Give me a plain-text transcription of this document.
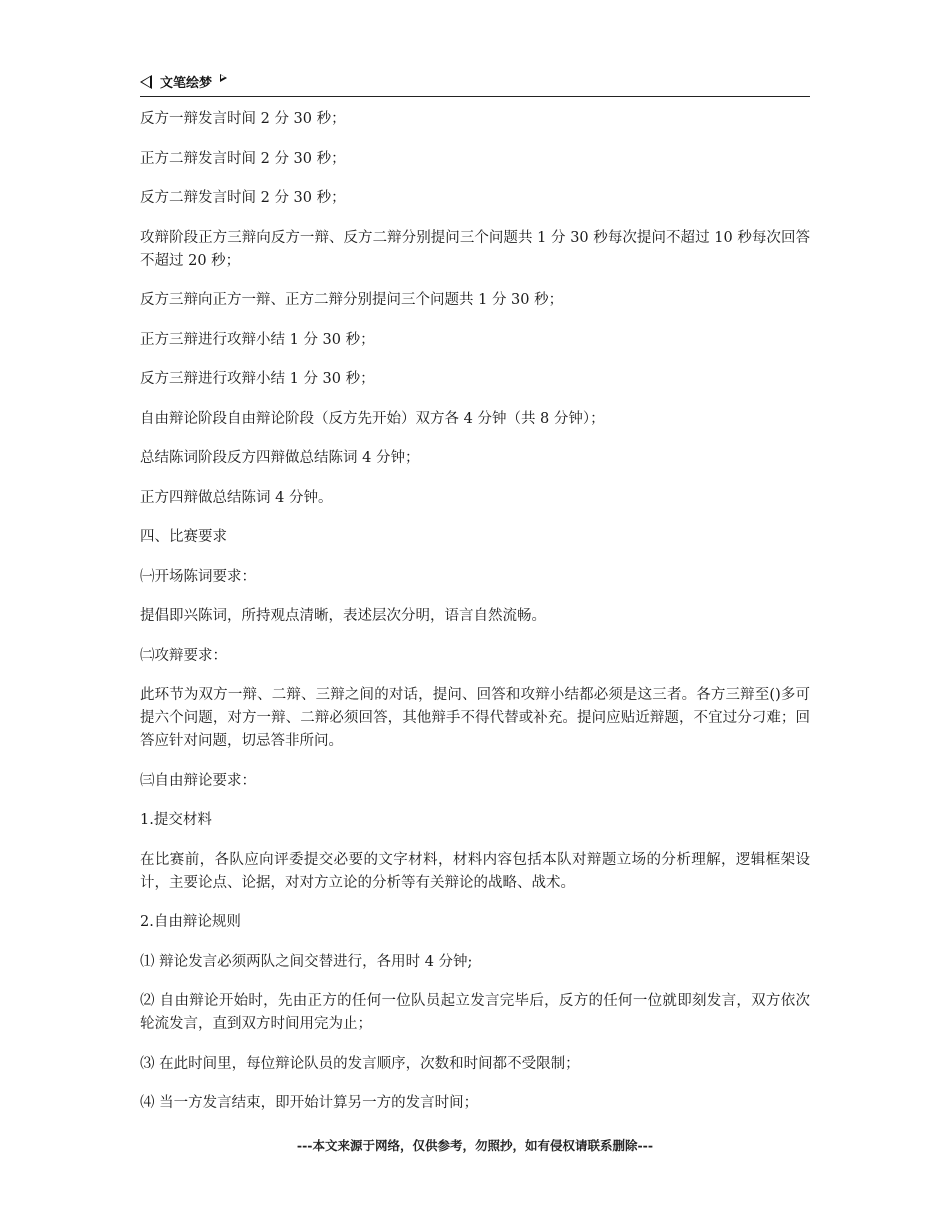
文笔绘梦

反方一辩发言时间 2 分 30 秒；

正方二辩发言时间 2 分 30 秒；

反方二辩发言时间 2 分 30 秒；

攻辩阶段正方三辩向反方一辩、反方二辩分别提问三个问题共 1 分 30 秒每次提问不超过 10 秒每次回答不超过 20 秒；

反方三辩向正方一辩、正方二辩分别提问三个问题共 1 分 30 秒；

正方三辩进行攻辩小结 1 分 30 秒；

反方三辩进行攻辩小结 1 分 30 秒；

自由辩论阶段自由辩论阶段（反方先开始）双方各 4 分钟（共 8 分钟）；

总结陈词阶段反方四辩做总结陈词 4 分钟；

正方四辩做总结陈词 4 分钟。

四、比赛要求

㈠开场陈词要求：

提倡即兴陈词，所持观点清晰，表述层次分明，语言自然流畅。

㈡攻辩要求：

此环节为双方一辩、二辩、三辩之间的对话，提问、回答和攻辩小结都必须是这三者。各方三辩至()多可提六个问题，对方一辩、二辩必须回答，其他辩手不得代替或补充。提问应贴近辩题，不宜过分刁难；回答应针对问题，切忌答非所问。

㈢自由辩论要求：

1.提交材料

在比赛前，各队应向评委提交必要的文字材料，材料内容包括本队对辩题立场的分析理解，逻辑框架设计，主要论点、论据，对对方立论的分析等有关辩论的战略、战术。

2.自由辩论规则

⑴ 辩论发言必须两队之间交替进行，各用时 4 分钟;

⑵ 自由辩论开始时，先由正方的任何一位队员起立发言完毕后，反方的任何一位就即刻发言，双方依次轮流发言，直到双方时间用完为止；

⑶ 在此时间里，每位辩论队员的发言顺序，次数和时间都不受限制；

⑷ 当一方发言结束，即开始计算另一方的发言时间；

---本文来源于网络，仅供参考，勿照抄，如有侵权请联系删除---
